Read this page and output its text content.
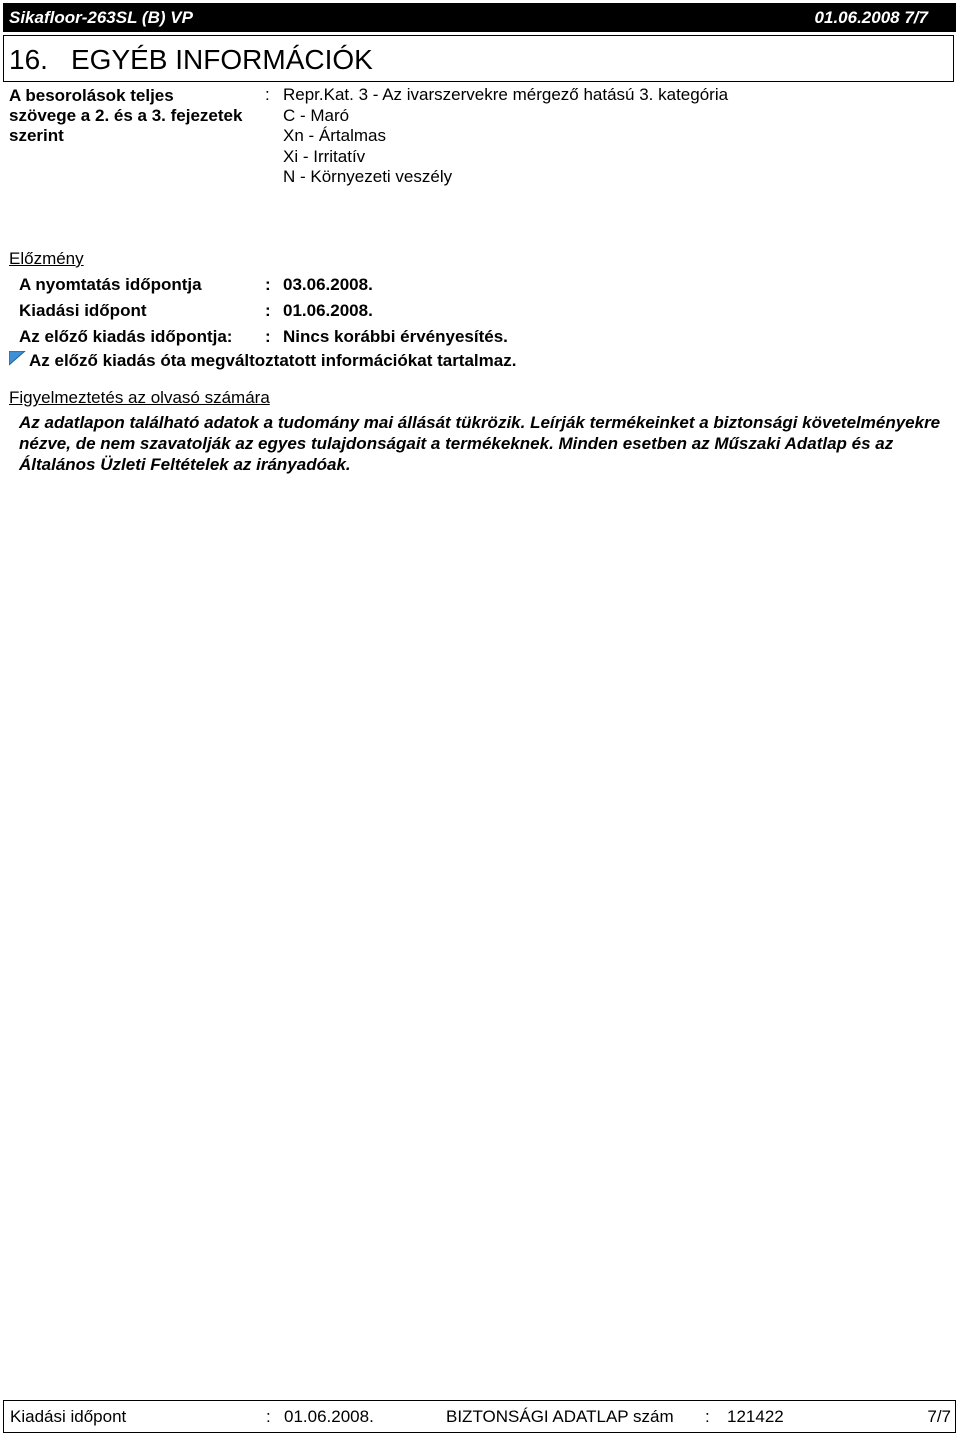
Sikafloor-263SL (B) VP	01.06.2008 7/7
16. EGYÉB INFORMÁCIÓK
A besorolások teljes
szövege a 2. és a 3. fejezetek
szerint
: Repr.Kat. 3 - Az ivarszervekre mérgező hatású 3. kategória
C - Maró
Xn - Ártalmas
Xi - Irritatív
N - Környezeti veszély
Előzmény
A nyomtatás időpontja	: 03.06.2008.
Kiadási időpont	: 01.06.2008.
Az előző kiadás időpontja: : Nincs korábbi érvényesítés.
Az előző kiadás óta megváltoztatott információkat tartalmaz.
Figyelmeztetés az olvasó számára
Az adatlapon található adatok a tudomány mai állását tükrözik. Leírják termékeinket a biztonsági követelményekre nézve, de nem szavatolják az egyes tulajdonságait a termékeknek. Minden esetben az Műszaki Adatlap és az Általános Üzleti Feltételek az irányadóak.
Kiadási időpont	: 01.06.2008.	BIZTONSÁGI ADATLAP szám : 121422	7/7
